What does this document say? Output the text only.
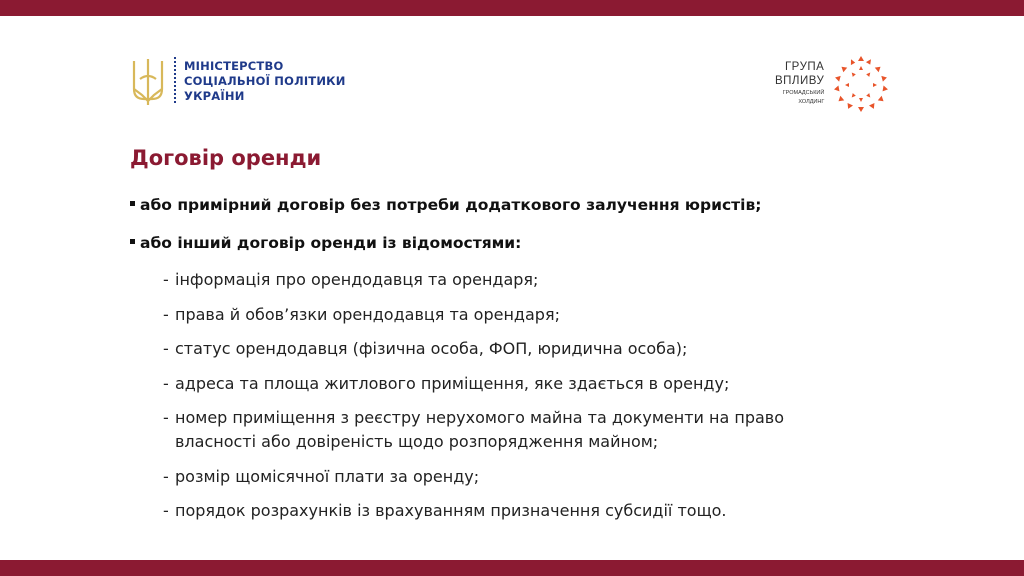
МІНІСТЕРСТВО
СОЦІАЛЬНОЇ ПОЛІТИКИ
УКРАЇНИ
ГРУПА
ВПЛИВУ
ГРОМАДСЬКИЙ
ХОЛДИНГ
Договір оренди
або примірний договір без потреби додаткового залучення юристів;
або інший договір оренди із відомостями:
- інформація про орендодавця та орендаря;
- права й обов’язки орендодавця та орендаря;
- статус орендодавця (фізична особа, ФОП, юридична особа);
- адреса та площа житлового приміщення, яке здається в оренду;
- номер приміщення з реєстру нерухомого майна та документи на право власності або довіреність щодо розпорядження майном;
- розмір щомісячної плати за оренду;
- порядок розрахунків із врахуванням призначення субсидії тощо.
